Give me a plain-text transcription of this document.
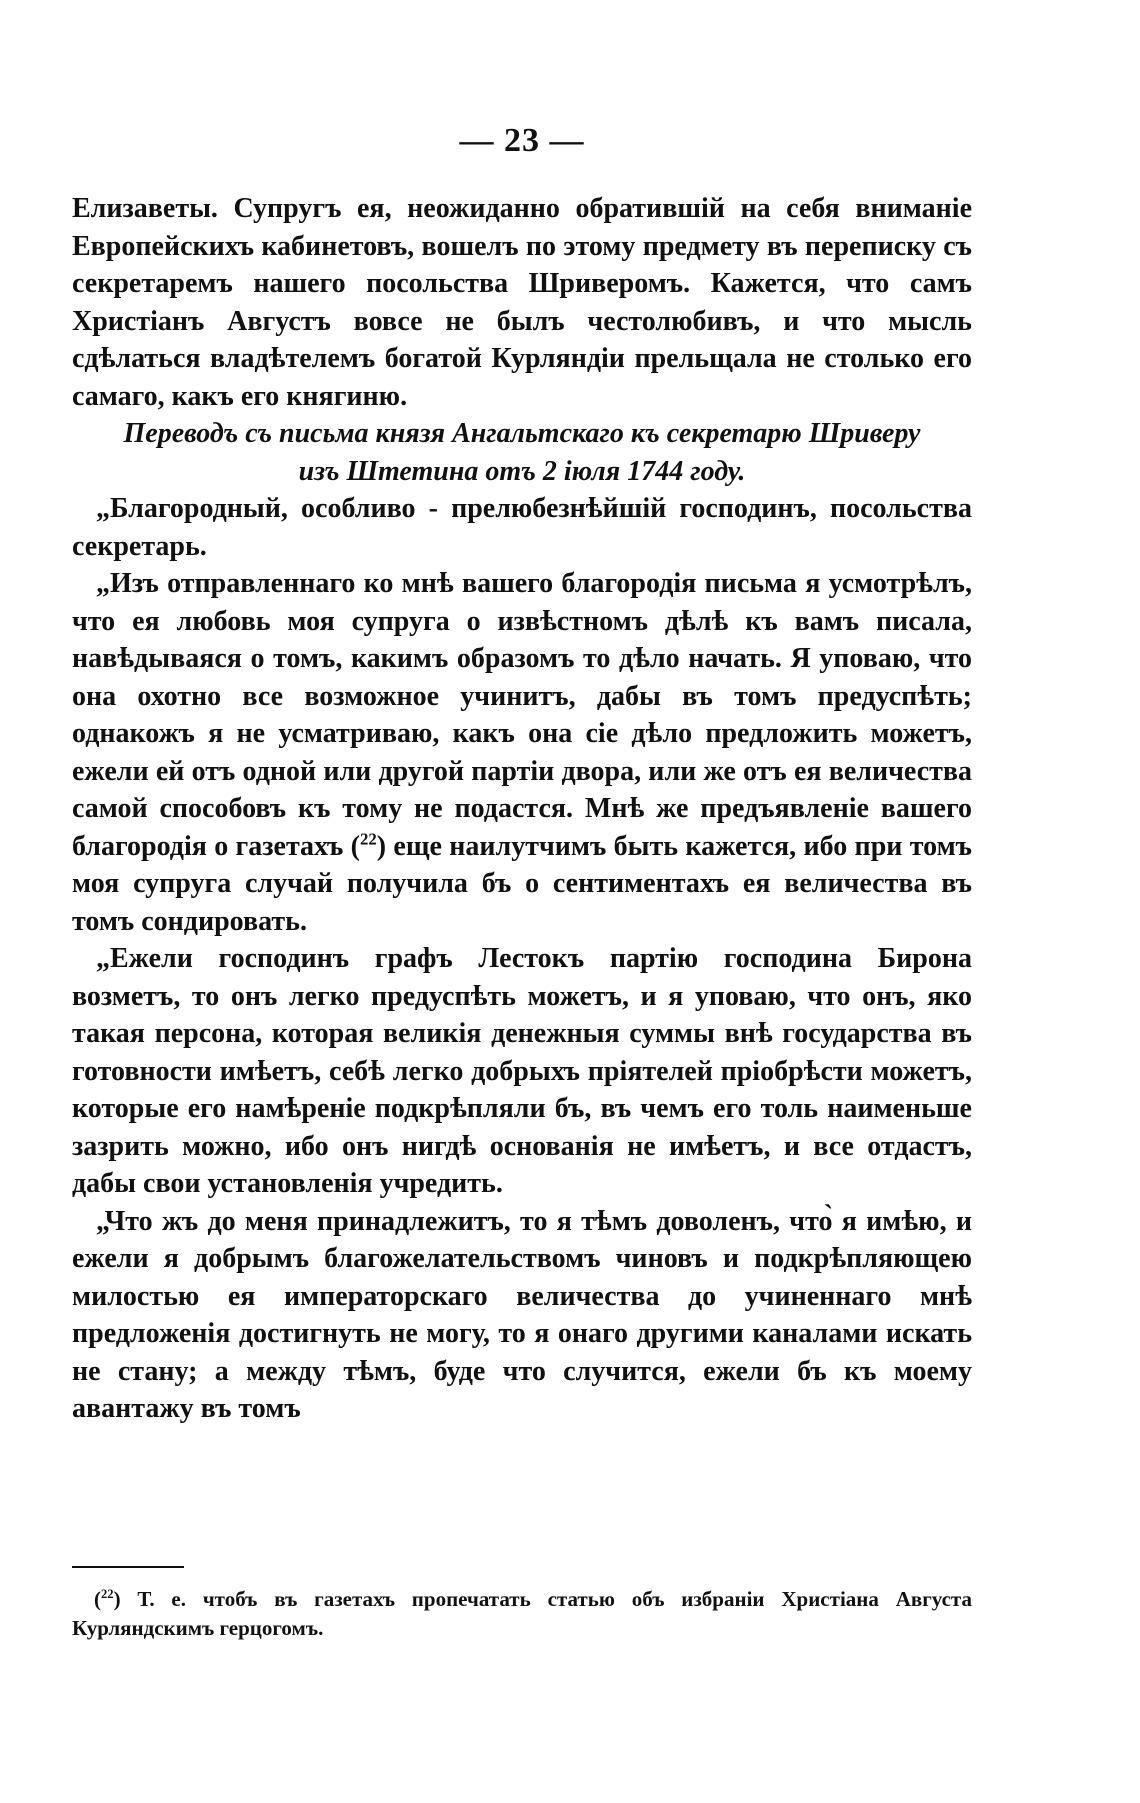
— 23 —

Елизаветы. Супругъ ея, неожиданно обратившій на себя вниманіе Европейскихъ кабинетовъ, вошелъ по этому предмету въ переписку съ секретаремъ нашего посольства Шриверомъ. Кажется, что самъ Христіанъ Августъ вовсе не былъ честолюбивъ, и что мысль сдѣлаться владѣтелемъ богатой Курляндіи прельщала не столько его самаго, какъ его княгиню.

Переводъ съ письма князя Ангальтскаго къ секретарю Шриверу

изъ Штетина отъ 2 іюля 1744 году.

„Благородный, особливо - прелюбезнѣйшій господинъ, посольства секретарь.

„Изъ отправленнаго ко мнѣ вашего благородія письма я усмотрѣлъ, что ея любовь моя супруга о извѣстномъ дѣлѣ къ вамъ писала, навѣдываяся о томъ, какимъ образомъ то дѣло начать. Я уповаю, что она охотно все возможное учинитъ, дабы въ томъ предуспѣть; однакожъ я не усматриваю, какъ она сіе дѣло предложить можетъ, ежели ей отъ одной или другой партіи двора, или же отъ ея величества самой способовъ къ тому не подастся. Мнѣ же предъявленіе вашего благородія о газетахъ ($^{22}$) еще наилутчимъ быть кажется, ибо при томъ моя супруга случай получила бъ о сентиментахъ ея величества въ томъ сондировать.

„Ежели господинъ графъ Лестокъ партію господина Бирона возметъ, то онъ легко предуспѣть можетъ, и я уповаю, что онъ, яко такая персона, которая великія денежныя суммы внѣ государства въ готовности имѣетъ, себѣ легко добрыхъ пріятелей пріобрѣсти можетъ, которые его намѣреніе подкрѣпляли бъ, въ чемъ его толь наименьше зазрить можно, ибо онъ нигдѣ основанія не имѣетъ, и все отдастъ, дабы свои установленія учредить.

„Что жъ до меня принадлежитъ, то я тѣмъ доволенъ, что̀ я имѣю, и ежели я добрымъ благожелательствомъ чиновъ и подкрѣпляющею милостью ея императорскаго величества до учиненнаго мнѣ предложенія достигнуть не могу, то я онаго другими каналами искать не стану; а между тѣмъ, буде что случится, ежели бъ къ моему авантажу въ томъ

($^{22}$) Т. е. чтобъ въ газетахъ пропечатать статью объ избраніи Христіана Августа Курляндскимъ герцогомъ.
